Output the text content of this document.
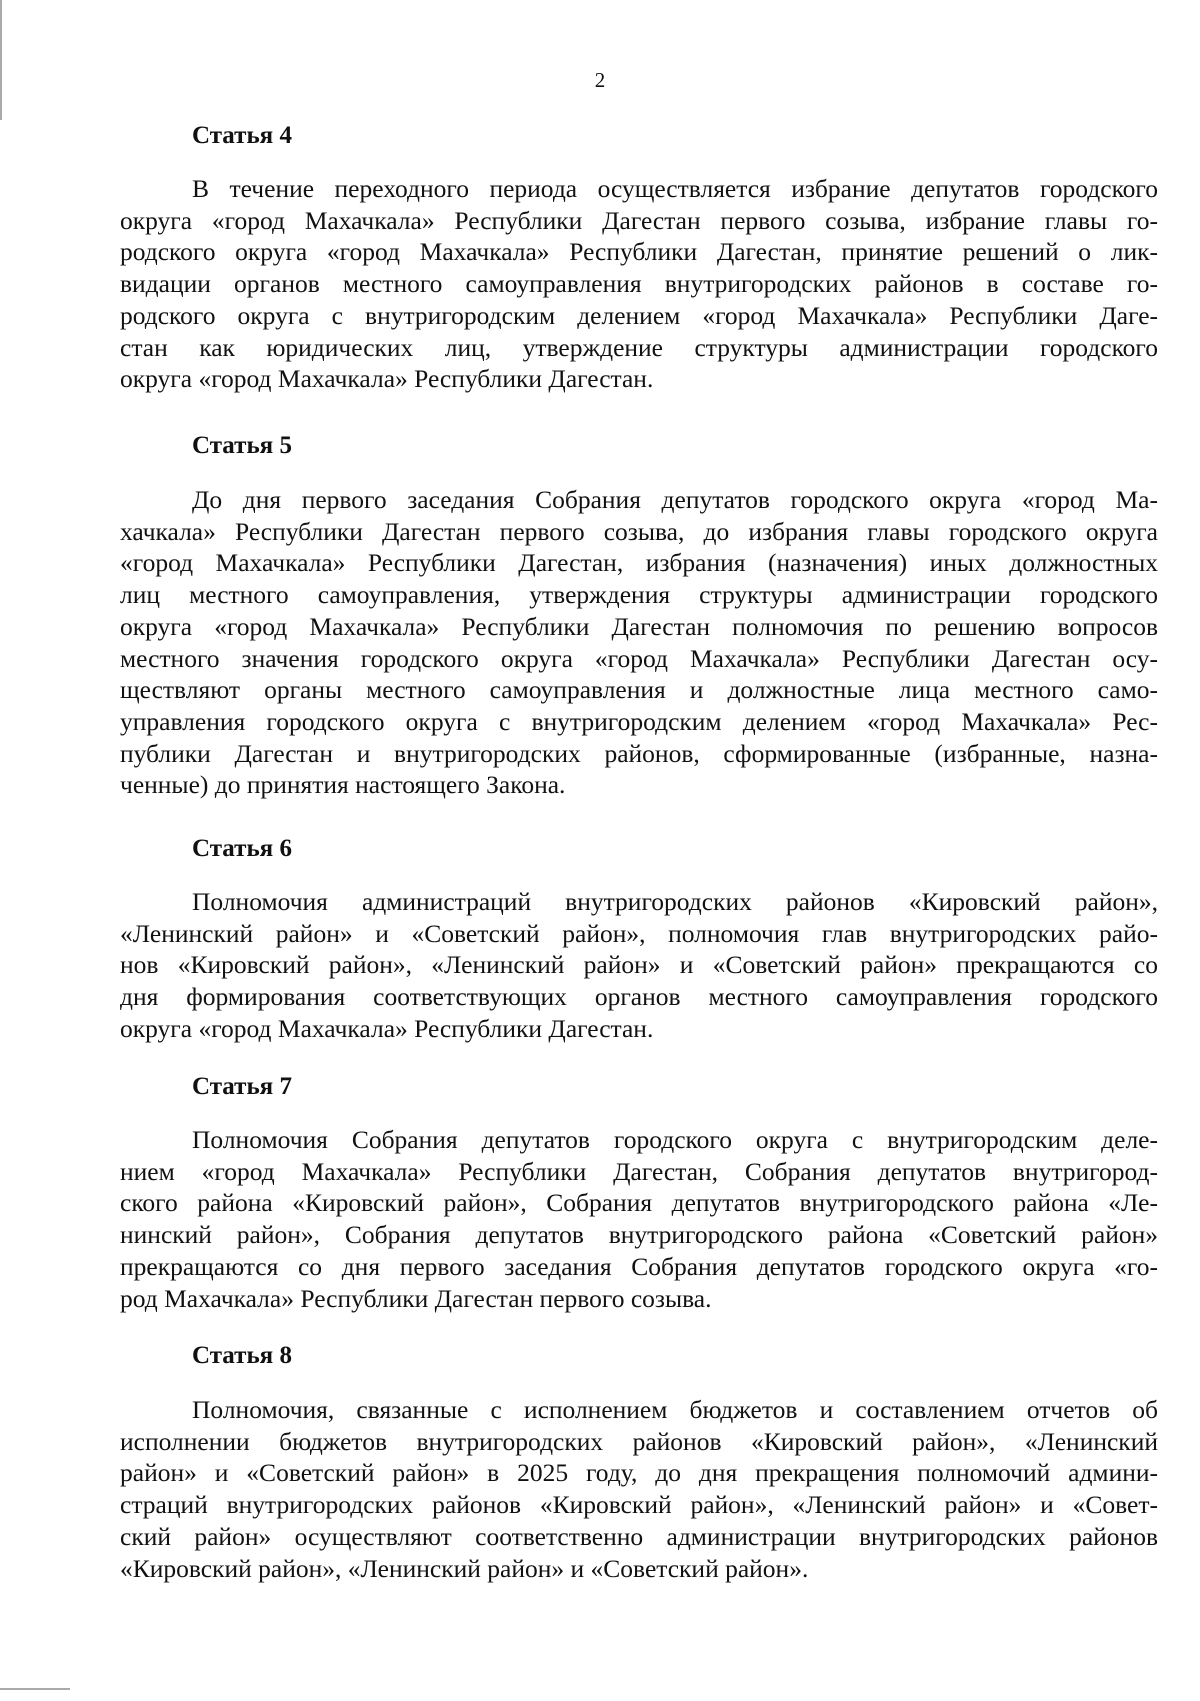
2
Статья 4
В течение переходного периода осуществляется избрание депутатов городского
округа «город Махачкала» Республики Дагестан первого созыва, избрание главы го-
родского округа «город Махачкала» Республики Дагестан, принятие решений о лик-
видации органов местного самоуправления внутригородских районов в составе го-
родского округа с внутригородским делением «город Махачкала» Республики Даге-
стан как юридических лиц, утверждение структуры администрации городского
округа «город Махачкала» Республики Дагестан.
Статья 5
До дня первого заседания Собрания депутатов городского округа «город Ма-
хачкала» Республики Дагестан первого созыва, до избрания главы городского округа
«город Махачкала» Республики Дагестан, избрания (назначения) иных должностных
лиц местного самоуправления, утверждения структуры администрации городского
округа «город Махачкала» Республики Дагестан полномочия по решению вопросов
местного значения городского округа «город Махачкала» Республики Дагестан осу-
ществляют органы местного самоуправления и должностные лица местного само-
управления городского округа с внутригородским делением «город Махачкала» Рес-
публики Дагестан и внутригородских районов, сформированные (избранные, назна-
ченные) до принятия настоящего Закона.
Статья 6
Полномочия администраций внутригородских районов «Кировский район»,
«Ленинский район» и «Советский район», полномочия глав внутригородских райо-
нов «Кировский район», «Ленинский район» и «Советский район» прекращаются со
дня формирования соответствующих органов местного самоуправления городского
округа «город Махачкала» Республики Дагестан.
Статья 7
Полномочия Собрания депутатов городского округа с внутригородским деле-
нием «город Махачкала» Республики Дагестан, Собрания депутатов внутригород-
ского района «Кировский район», Собрания депутатов внутригородского района «Ле-
нинский район», Собрания депутатов внутригородского района «Советский район»
прекращаются со дня первого заседания Собрания депутатов городского округа «го-
род Махачкала» Республики Дагестан первого созыва.
Статья 8
Полномочия, связанные с исполнением бюджетов и составлением отчетов об
исполнении бюджетов внутригородских районов «Кировский район», «Ленинский
район» и «Советский район» в 2025 году, до дня прекращения полномочий админи-
страций внутригородских районов «Кировский район», «Ленинский район» и «Совет-
ский район» осуществляют соответственно администрации внутригородских районов
«Кировский район», «Ленинский район» и «Советский район».
